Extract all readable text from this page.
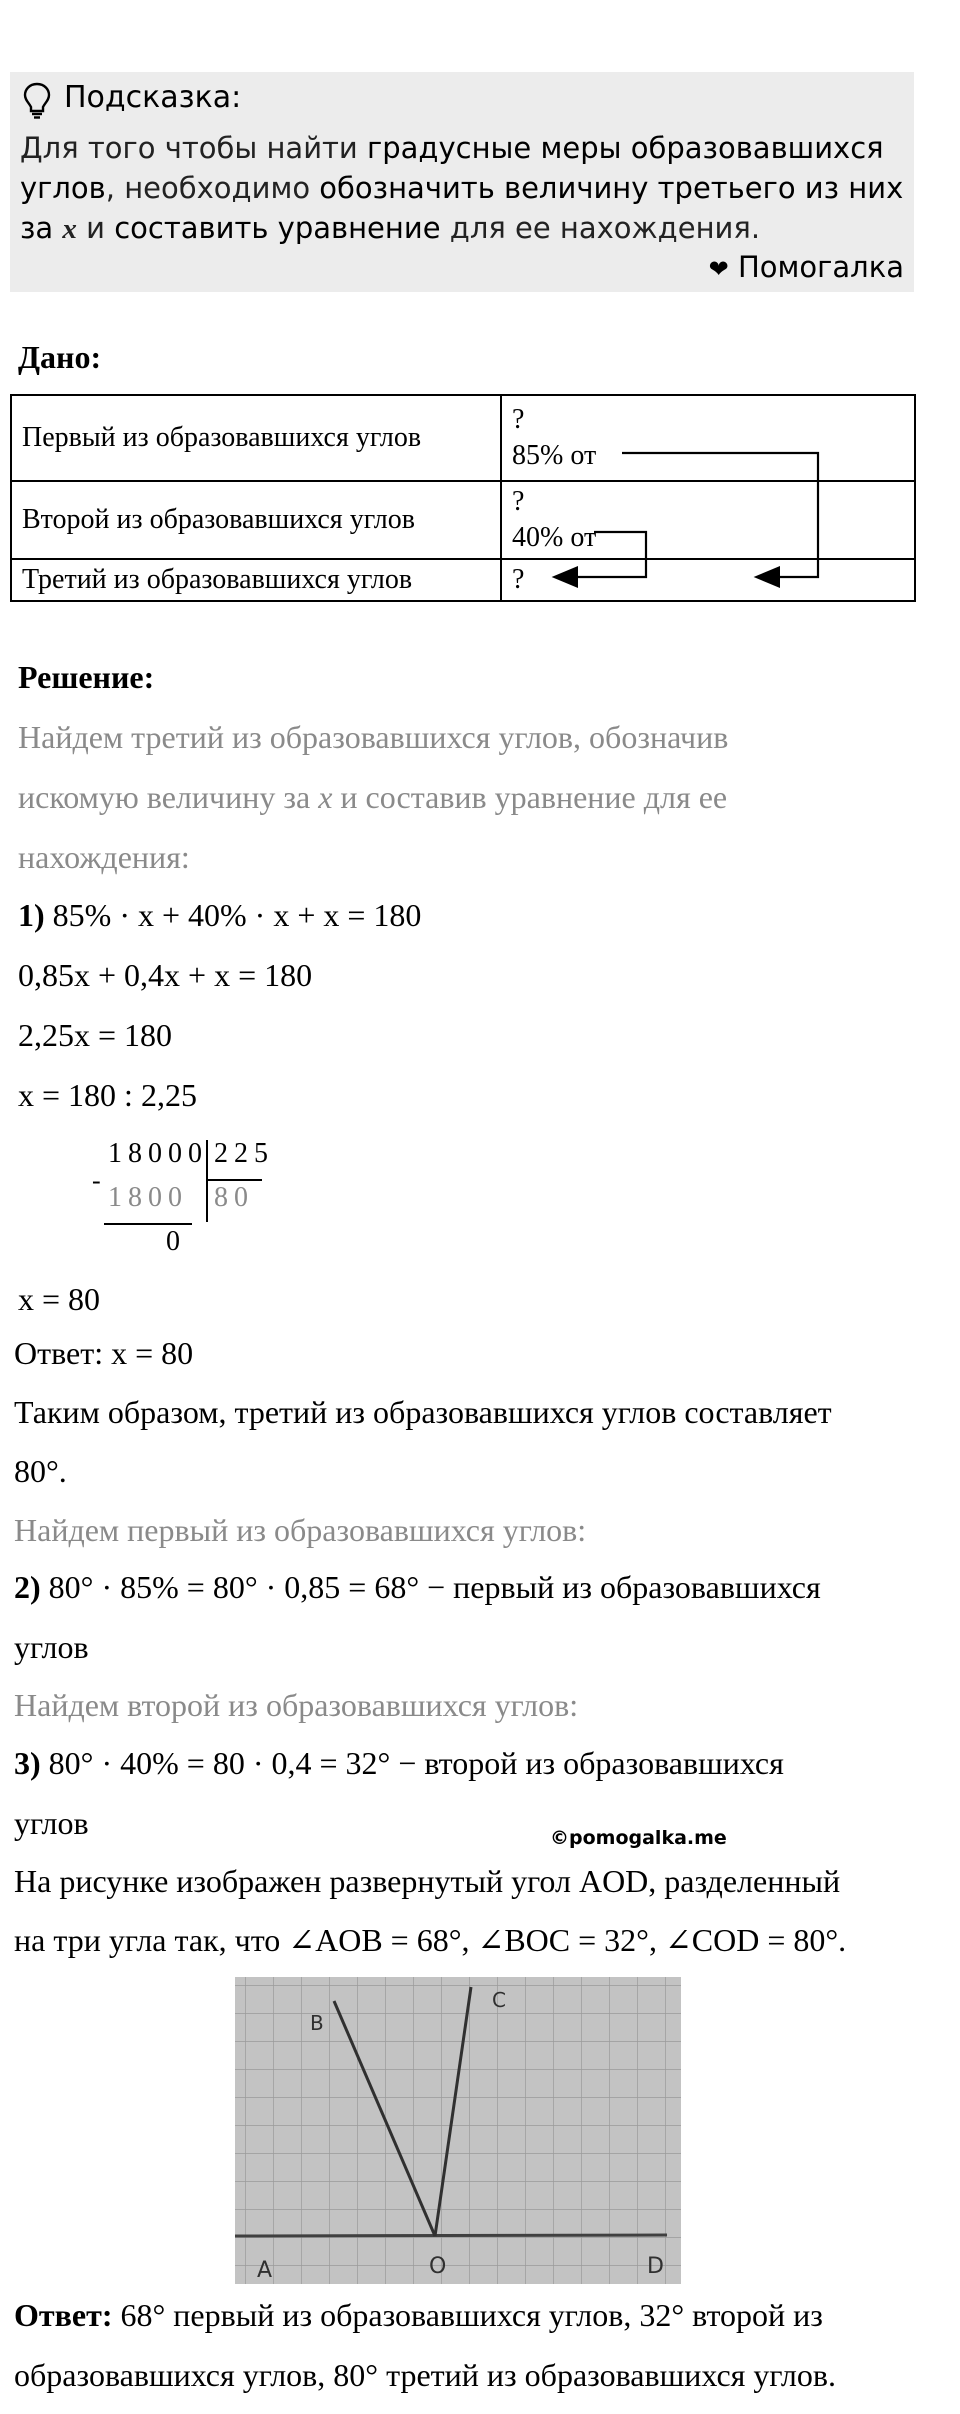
Подсказка:
Для того чтобы найти градусные меры образовавшихся углов, необходимо обозначить величину третьего из них за x и составить уравнение для ее нахождения.
❤ Помогалка
Дано:
Первый из образовавшихся углов	?
85% от

Второй из образовавшихся углов	?
40% от

Третий из образовавшихся углов	?
Решение:
Найдем третий из образовавшихся углов, обозначив
искомую величину за x и составив уравнение для ее
нахождения:
1) 85% · x + 40% · x + x = 180
0,85x + 0,4x + x = 180
2,25x = 180
x = 180 : 2,25
18000 225
-
1800 80
0
x = 80
Ответ: x = 80
Таким образом, третий из образовавшихся углов составляет
80°.
Найдем первый из образовавшихся углов:
2) 80° · 85% = 80° · 0,85 = 68° − первый из образовавшихся
углов
Найдем второй из образовавшихся углов:
3) 80° · 40% = 80 · 0,4 = 32° − второй из образовавшихся
углов	©pomogalka.me
На рисунке изображен развернутый угол AOD, разделенный
на три угла так, что ∠AOB = 68°, ∠BOC = 32°, ∠COD = 80°.
B
C
A	O	D
Ответ: 68° первый из образовавшихся углов, 32° второй из
образовавшихся углов, 80° третий из образовавшихся углов.
